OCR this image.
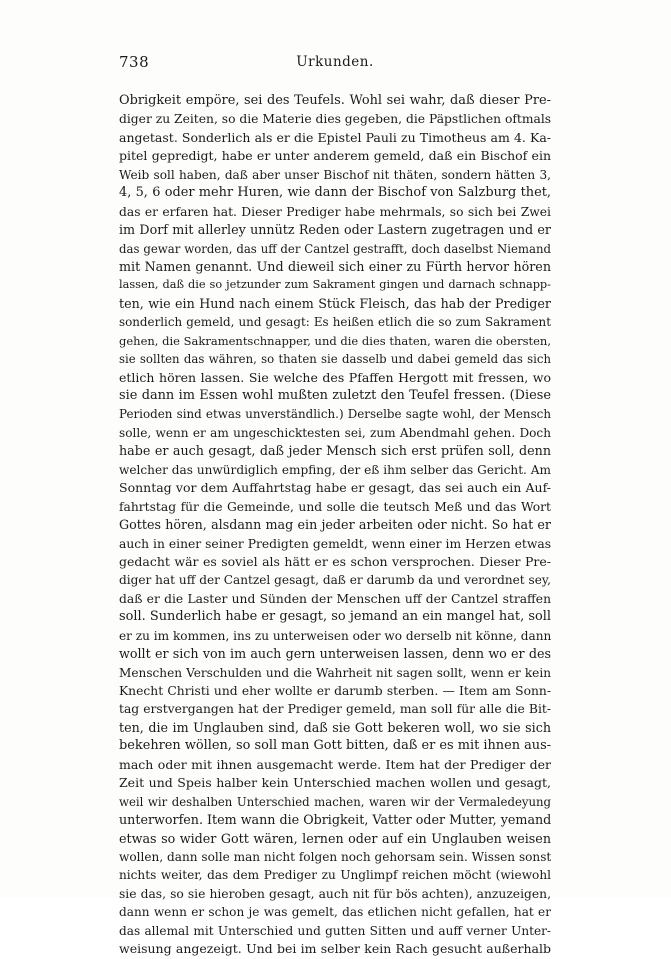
738	Urkunden.
Obrigkeit empöre, sei des Teufels. Wohl sei wahr, daß dieser Pre-
diger zu Zeiten, so die Materie dies gegeben, die Päpstlichen oftmals
angetast. Sonderlich als er die Epistel Pauli zu Timotheus am 4. Ka-
pitel gepredigt, habe er unter anderem gemeld, daß ein Bischof ein
Weib soll haben, daß aber unser Bischof nit thäten, sondern hätten 3,
4, 5, 6 oder mehr Huren, wie dann der Bischof von Salzburg thet,
das er erfaren hat. Dieser Prediger habe mehrmals, so sich bei Zwei
im Dorf mit allerley unnütz Reden oder Lastern zugetragen und er
das gewar worden, das uff der Cantzel gestrafft, doch daselbst Niemand
mit Namen genannt. Und dieweil sich einer zu Fürth hervor hören
lassen, daß die so jetzunder zum Sakrament gingen und darnach schnapp-
ten, wie ein Hund nach einem Stück Fleisch, das hab der Prediger
sonderlich gemeld, und gesagt: Es heißen etlich die so zum Sakrament
gehen, die Sakramentschnapper, und die dies thaten, waren die obersten,
sie sollten das währen, so thaten sie dasselb und dabei gemeld das sich
etlich hören lassen. Sie welche des Pfaffen Hergott mit fressen, wo
sie dann im Essen wohl mußten zuletzt den Teufel fressen. (Diese
Perioden sind etwas unverständlich.) Derselbe sagte wohl, der Mensch
solle, wenn er am ungeschicktesten sei, zum Abendmahl gehen. Doch
habe er auch gesagt, daß jeder Mensch sich erst prüfen soll, denn
welcher das unwürdiglich empfing, der eß ihm selber das Gericht. Am
Sonntag vor dem Auffahrtstag habe er gesagt, das sei auch ein Auf-
fahrtstag für die Gemeinde, und solle die teutsch Meß und das Wort
Gottes hören, alsdann mag ein jeder arbeiten oder nicht. So hat er
auch in einer seiner Predigten gemeldt, wenn einer im Herzen etwas
gedacht wär es soviel als hätt er es schon versprochen. Dieser Pre-
diger hat uff der Cantzel gesagt, daß er darumb da und verordnet sey,
daß er die Laster und Sünden der Menschen uff der Cantzel straffen
soll. Sunderlich habe er gesagt, so jemand an ein mangel hat, soll
er zu im kommen, ins zu unterweisen oder wo derselb nit könne, dann
wollt er sich von im auch gern unterweisen lassen, denn wo er des
Menschen Verschulden und die Wahrheit nit sagen sollt, wenn er kein
Knecht Christi und eher wollte er darumb sterben. — Item am Sonn-
tag erstvergangen hat der Prediger gemeld, man soll für alle die Bit-
ten, die im Unglauben sind, daß sie Gott bekeren woll, wo sie sich
bekehren wöllen, so soll man Gott bitten, daß er es mit ihnen aus-
mach oder mit ihnen ausgemacht werde. Item hat der Prediger der
Zeit und Speis halber kein Unterschied machen wollen und gesagt,
weil wir deshalben Unterschied machen, waren wir der Vermaledeyung
unterworfen. Item wann die Obrigkeit, Vatter oder Mutter, yemand
etwas so wider Gott wären, lernen oder auf ein Unglauben weisen
wollen, dann solle man nicht folgen noch gehorsam sein. Wissen sonst
nichts weiter, das dem Prediger zu Unglimpf reichen möcht (wiewohl
sie das, so sie hieroben gesagt, auch nit für bös achten), anzuzeigen,
dann wenn er schon je was gemelt, das etlichen nicht gefallen, hat er
das allemal mit Unterschied und gutten Sitten und auff verner Unter-
weisung angezeigt. Und bei im selber kein Rach gesucht außerhalb
